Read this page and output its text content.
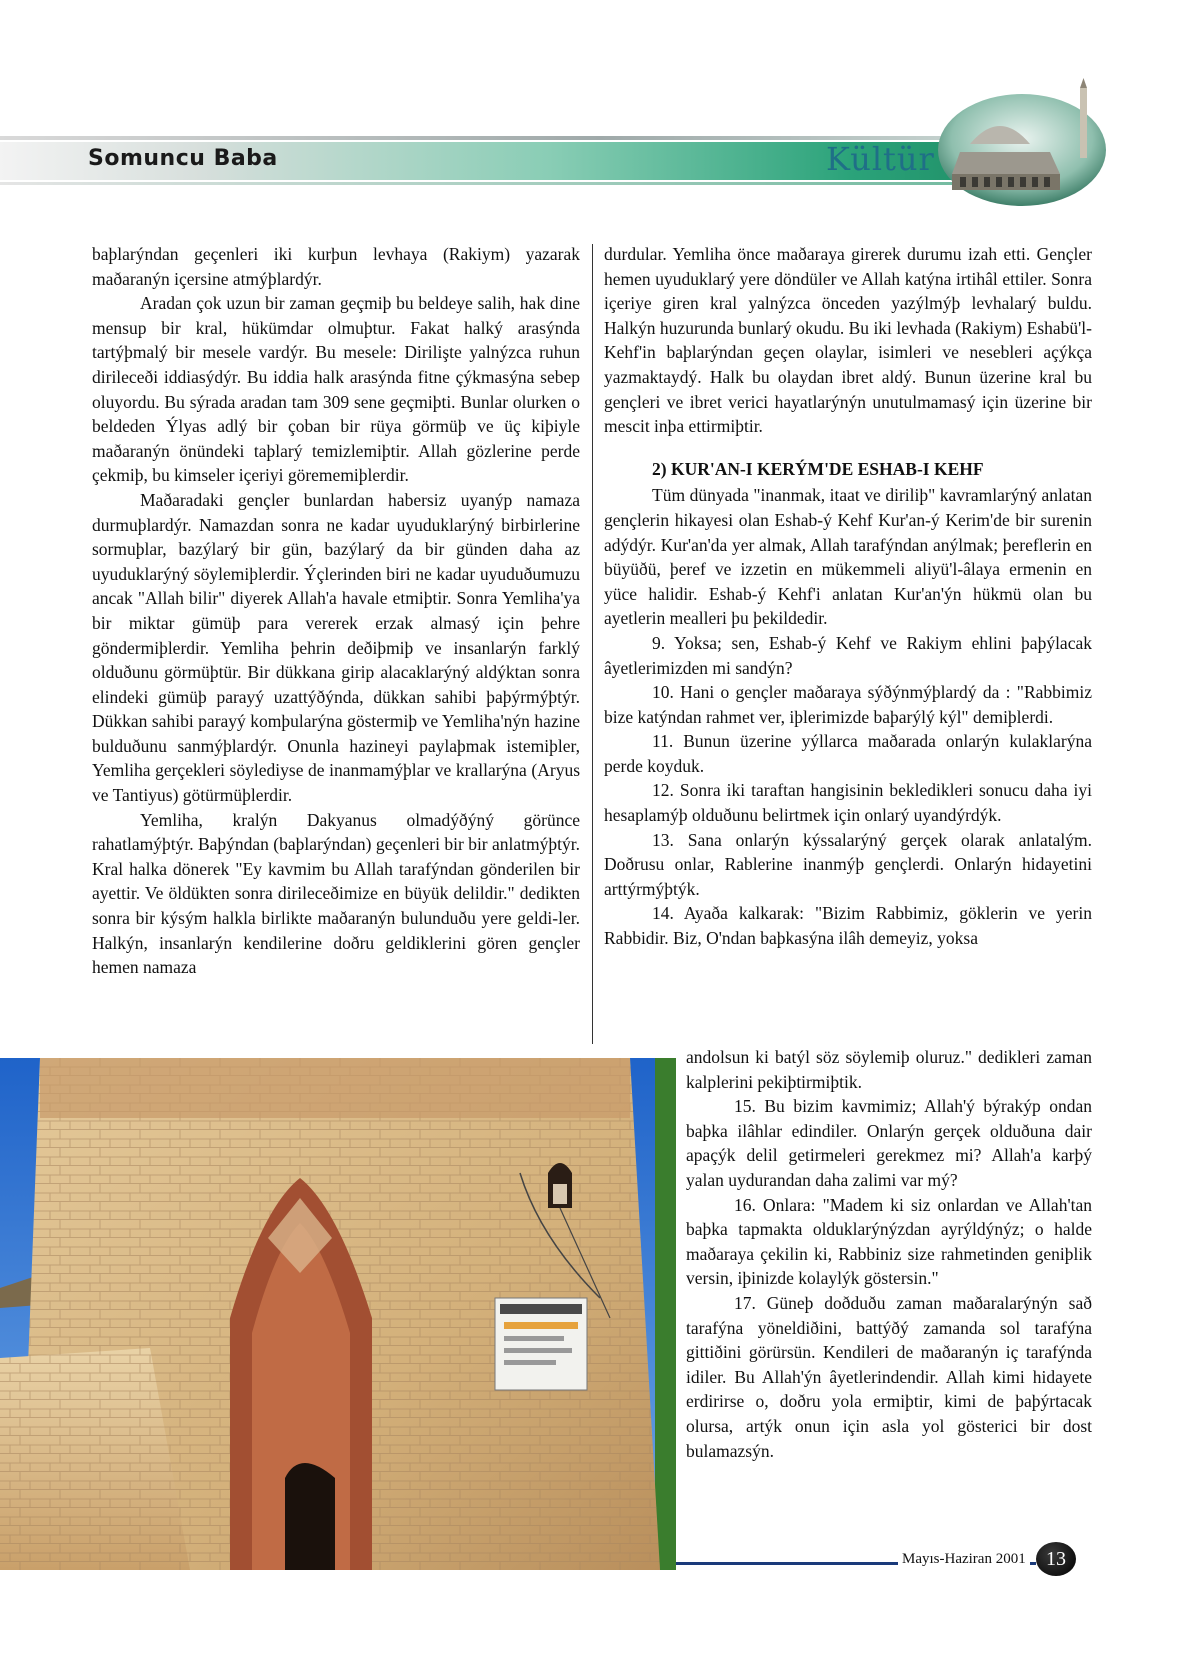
Somuncu Baba	Kültür

baþlarýndan geçenleri iki kurþun levhaya (Rakiym) yazarak maðaranýn içersine atmýþlardýr.

Aradan çok uzun bir zaman geçmiþ bu beldeye salih, hak dine mensup bir kral, hükümdar olmuþtur. Fakat halký arasýnda tartýþmalý bir mesele vardýr. Bu mesele: Dirilişte yalnýzca ruhun dirileceði iddiasýdýr. Bu iddia halk arasýnda fitne çýkmasýna sebep oluyordu. Bu sýrada aradan tam 309 sene geçmiþti. Bunlar olurken o beldeden Ýlyas adlý bir çoban bir rüya görmüþ ve üç kiþiyle maðaranýn önündeki taþlarý temizlemiþtir. Allah gözlerine perde çekmiþ, bu kimseler içeriyi görememiþlerdir.

Maðaradaki gençler bunlardan habersiz uyanýp namaza durmuþlardýr. Namazdan sonra ne kadar uyuduklarýný birbirlerine sormuþlar, bazýlarý bir gün, bazýlarý da bir günden daha az uyuduklarýný söylemiþlerdir. Ýçlerinden biri ne kadar uyuduðumuzu ancak "Allah bilir" diyerek Allah'a havale etmiþtir. Sonra Yemliha'ya bir miktar gümüþ para vererek erzak almasý için þehre göndermiþlerdir. Yemliha þehrin deðiþmiþ ve insanlarýn farklý olduðunu görmüþtür. Bir dükkana girip alacaklarýný aldýktan sonra elindeki gümüþ parayý uzattýðýnda, dükkan sahibi þaþýrmýþtýr. Dükkan sahibi parayý komþularýna göstermiþ ve Yemliha'nýn hazine bulduðunu sanmýþlardýr. Onunla hazineyi paylaþmak istemiþler, Yemliha gerçekleri söylediyse de inanmamýþlar ve krallarýna (Aryus ve Tantiyus) götürmüþlerdir.

Yemliha, kralýn Dakyanus olmadýðýný görünce rahatlamýþtýr. Baþýndan (baþlarýndan) geçenleri bir bir anlatmýþtýr. Kral halka dönerek "Ey kavmim bu Allah tarafýndan gönderilen bir ayettir. Ve öldükten sonra dirileceðimize en büyük delildir." dedikten sonra bir kýsým halkla birlikte maðaranýn bulunduðu yere geldi-ler. Halkýn, insanlarýn kendilerine doðru geldiklerini gören gençler hemen namaza

durdular. Yemliha önce maðaraya girerek durumu izah etti. Gençler hemen uyuduklarý yere döndüler ve Allah katýna irtihâl ettiler. Sonra içeriye giren kral yalnýzca önceden yazýlmýþ levhalarý buldu. Halkýn huzurunda bunlarý okudu. Bu iki levhada (Rakiym) Eshabü'l-Kehf'in baþlarýndan geçen olaylar, isimleri ve nesebleri açýkça yazmaktaydý. Halk bu olaydan ibret aldý. Bunun üzerine kral bu gençleri ve ibret verici hayatlarýnýn unutulmamasý için üzerine bir mescit inþa ettirmiþtir.

2) KUR'AN-I KERÝM'DE ESHAB-I KEHF

Tüm dünyada "inanmak, itaat ve diriliþ" kavramlarýný anlatan gençlerin hikayesi olan Eshab-ý Kehf Kur'an-ý Kerim'de bir surenin adýdýr. Kur'an'da yer almak, Allah tarafýndan anýlmak; þereflerin en büyüðü, þeref ve izzetin en mükemmeli aliyü'l-âlaya ermenin en yüce halidir. Eshab-ý Kehf'i anlatan Kur'an'ýn hükmü olan bu ayetlerin mealleri þu þekildedir.

9. Yoksa; sen, Eshab-ý Kehf ve Rakiym ehlini þaþýlacak âyetlerimizden mi sandýn?

10. Hani o gençler maðaraya sýðýnmýþlardý da : "Rabbimiz bize katýndan rahmet ver, iþlerimizde baþarýlý kýl" demiþlerdi.

11. Bunun üzerine yýllarca maðarada onlarýn kulaklarýna perde koyduk.

12. Sonra iki taraftan hangisinin bekledikleri sonucu daha iyi hesaplamýþ olduðunu belirtmek için onlarý uyandýrdýk.

13. Sana onlarýn kýssalarýný gerçek olarak anlatalým. Doðrusu onlar, Rablerine inanmýþ gençlerdi. Onlarýn hidayetini arttýrmýþtýk.

14. Ayaða kalkarak: "Bizim Rabbimiz, göklerin ve yerin Rabbidir. Biz, O'ndan baþkasýna ilâh demeyiz, yoksa

andolsun ki batýl söz söylemiþ oluruz." dedikleri zaman kalplerini pekiþtirmiþtik.

15. Bu bizim kavmimiz; Allah'ý býrakýp ondan baþka ilâhlar edindiler. Onlarýn gerçek olduðuna dair apaçýk delil getirmeleri gerekmez mi? Allah'a karþý yalan uydurandan daha zalimi var mý?

16. Onlara: "Madem ki siz onlardan ve Allah'tan baþka tapmakta olduklarýnýzdan ayrýldýnýz; o halde maðaraya çekilin ki, Rabbiniz size rahmetinden geniþlik versin, iþinizde kolaylýk göstersin."

17. Güneþ doðduðu zaman maðaralarýnýn sað tarafýna yöneldiðini, battýðý zamanda sol tarafýna gittiðini görürsün. Kendileri de maðaranýn iç tarafýnda idiler. Bu Allah'ýn âyetlerindendir. Allah kimi hidayete erdirirse o, doðru yola ermiþtir, kimi de þaþýrtacak olursa, artýk onun için asla yol gösterici bir dost bulamazsýn.

Mayıs-Haziran 2001	13
